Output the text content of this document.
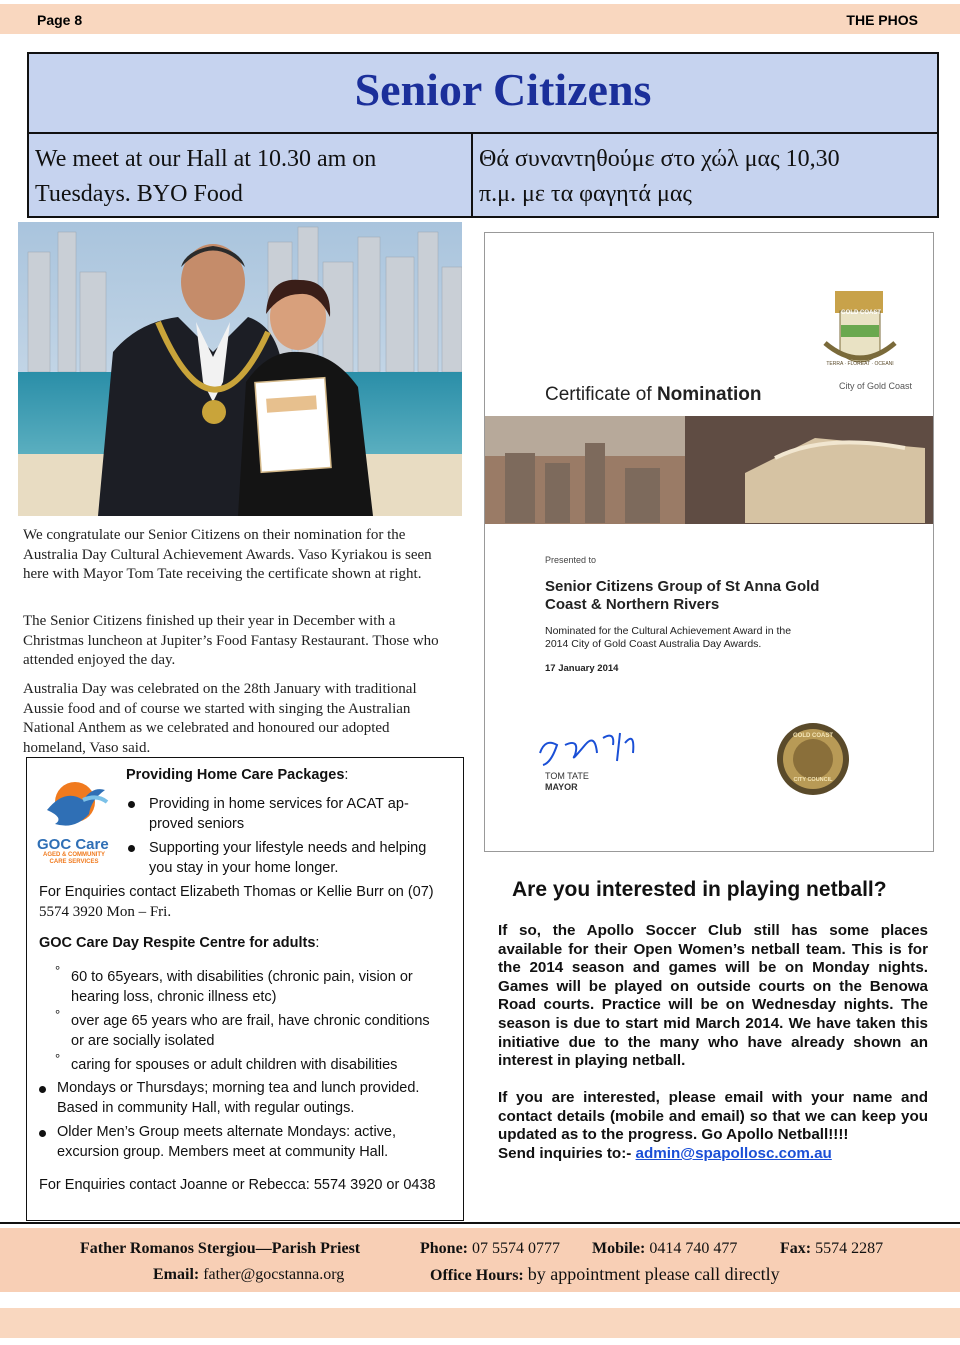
Page 8	THE PHOS
Senior Citizens
We meet at our Hall at 10.30 am on
Tuesdays. BYO Food
Θά συναντηθούμε στο χώλ μας 10,30
π.μ. με τα φαγητά μας
Certificate of Nomination
GOLD COAST
TERRA · FLOREAT · OCEANI
City of Gold Coast
Presented to
Senior Citizens Group of St Anna Gold
Coast & Northern Rivers
Nominated for the Cultural Achievement Award in the
2014 City of Gold Coast Australia Day Awards.
17 January 2014
TOM TATE
MAYOR
GOLD COAST
CITY COUNCIL

We congratulate our Senior Citizens on their nomination for the Australia Day Cultural Achievement Awards. Vaso Kyriakou is seen here with Mayor Tom Tate receiving the certificate shown at right.

The Senior Citizens finished up their year in December with a Christmas luncheon at Jupiter’s Food Fantasy Restaurant. Those who attended enjoyed the day.

Australia Day was celebrated on the 28th January with traditional Aussie food and of course we started with singing the Australian National Anthem as we celebrated and honoured our adopted homeland, Vaso said.

GOC Care
AGED & COMMUNITY
CARE SERVICES
Providing Home Care Packages:
Providing in home services for ACAT ap-
proved seniors
Supporting your lifestyle needs and helping
you stay in your home longer.
For Enquiries contact Elizabeth Thomas or Kellie Burr on (07)
5574 3920 Mon – Fri.
GOC Care Day Respite Centre for adults:
° 60 to 65years, with disabilities (chronic pain, vision or
hearing loss, chronic illness etc)
° over age 65 years who are frail, have chronic conditions
or are socially isolated
° caring for spouses or adult children with disabilities
Mondays or Thursdays; morning tea and lunch provided.
Based in community Hall, with regular outings.
Older Men’s Group meets alternate Mondays: active,
excursion group. Members meet at community Hall.
For Enquiries contact Joanne or Rebecca: 5574 3920 or 0438
Are you interested in playing netball?

If so, the Apollo Soccer Club still has some places available for their Open Women’s netball team. This is for the 2014 season and games will be on Monday nights. Games will be played on outside courts on the Benowa Road courts. Practice will be on Wednesday nights. The season is due to start mid March 2014. We have taken this initiative due to the many who have already shown an interest in playing netball.

If you are interested, please email with your name and contact details (mobile and email) so that we can keep you updated as to the progress. Go Apollo Netball!!!!

Send inquiries to:- admin@spapollosc.com.au
Father Romanos Stergiou—Parish Priest	Phone: 07 5574 0777 Mobile: 0414 740 477	Fax: 5574 2287
Email: father@gocstanna.org	Office Hours: by appointment please call directly
